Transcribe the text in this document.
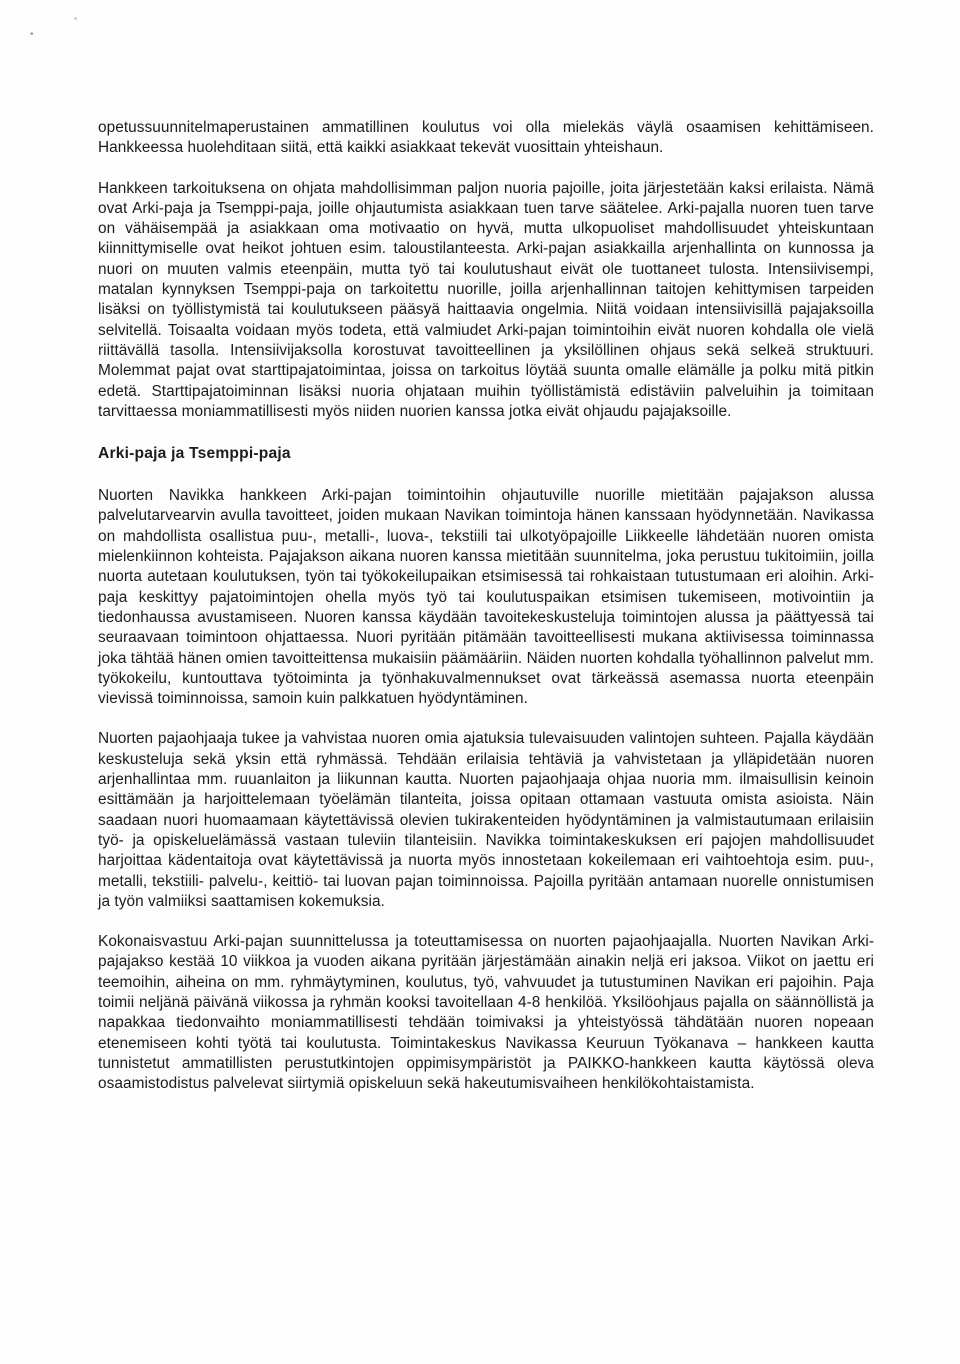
•
*

opetussuunnitelmaperustainen ammatillinen koulutus voi olla mielekäs väylä osaamisen kehittämiseen. Hankkeessa huolehditaan siitä, että kaikki asiakkaat tekevät vuosittain yhteishaun.

Hankkeen tarkoituksena on ohjata mahdollisimman paljon nuoria pajoille, joita järjestetään kaksi erilaista. Nämä ovat Arki-paja ja Tsemppi-paja, joille ohjautumista asiakkaan tuen tarve säätelee. Arki-pajalla nuoren tuen tarve on vähäisempää ja asiakkaan oma motivaatio on hyvä, mutta ulkopuoliset mahdollisuudet yhteiskuntaan kiinnittymiselle ovat heikot johtuen esim. taloustilanteesta. Arki-pajan asiakkailla arjenhallinta on kunnossa ja nuori on muuten valmis eteenpäin, mutta työ tai koulutushaut eivät ole tuottaneet tulosta. Intensiivisempi, matalan kynnyksen Tsemppi-paja on tarkoitettu nuorille, joilla arjenhallinnan taitojen kehittymisen tarpeiden lisäksi on työllistymistä tai koulutukseen pääsyä haittaavia ongelmia. Niitä voidaan intensiivisillä pajajaksoilla selvitellä. Toisaalta voidaan myös todeta, että valmiudet Arki-pajan toimintoihin eivät nuoren kohdalla ole vielä riittävällä tasolla. Intensiivijaksolla korostuvat tavoitteellinen ja yksilöllinen ohjaus sekä selkeä struktuuri. Molemmat pajat ovat starttipajatoimintaa, joissa on tarkoitus löytää suunta omalle elämälle ja polku mitä pitkin edetä. Starttipajatoiminnan lisäksi nuoria ohjataan muihin työllistämistä edistäviin palveluihin ja toimitaan tarvittaessa moniammatillisesti myös niiden nuorien kanssa jotka eivät ohjaudu pajajaksoille.

Arki-paja ja Tsemppi-paja

Nuorten Navikka hankkeen Arki-pajan toimintoihin ohjautuville nuorille mietitään pajajakson alussa palvelutarvearvin avulla tavoitteet, joiden mukaan Navikan toimintoja hänen kanssaan hyödynnetään. Navikassa on mahdollista osallistua puu-, metalli-, luova-, tekstiili tai ulkotyöpajoille Liikkeelle lähdetään nuoren omista mielenkiinnon kohteista. Pajajakson aikana nuoren kanssa mietitään suunnitelma, joka perustuu tukitoimiin, joilla nuorta autetaan koulutuksen, työn tai työkokeilupaikan etsimisessä tai rohkaistaan tutustumaan eri aloihin. Arki-paja keskittyy pajatoimintojen ohella myös työ tai koulutuspaikan etsimisen tukemiseen, motivointiin ja tiedonhaussa avustamiseen. Nuoren kanssa käydään tavoitekeskusteluja toimintojen alussa ja päättyessä tai seuraavaan toimintoon ohjattaessa. Nuori pyritään pitämään tavoitteellisesti mukana aktiivisessa toiminnassa joka tähtää hänen omien tavoitteittensa mukaisiin päämääriin. Näiden nuorten kohdalla työhallinnon palvelut mm. työkokeilu, kuntouttava työtoiminta ja työnhakuvalmennukset ovat tärkeässä asemassa nuorta eteenpäin vievissä toiminnoissa, samoin kuin palkkatuen hyödyntäminen.

Nuorten pajaohjaaja tukee ja vahvistaa nuoren omia ajatuksia tulevaisuuden valintojen suhteen. Pajalla käydään keskusteluja sekä yksin että ryhmässä. Tehdään erilaisia tehtäviä ja vahvistetaan ja ylläpidetään nuoren arjenhallintaa mm. ruuanlaiton ja liikunnan kautta. Nuorten pajaohjaaja ohjaa nuoria mm. ilmaisullisin keinoin esittämään ja harjoittelemaan työelämän tilanteita, joissa opitaan ottamaan vastuuta omista asioista. Näin saadaan nuori huomaamaan käytettävissä olevien tukirakenteiden hyödyntäminen ja valmistautumaan erilaisiin työ- ja opiskeluelämässä vastaan tuleviin tilanteisiin. Navikka toimintakeskuksen eri pajojen mahdollisuudet harjoittaa kädentaitoja ovat käytettävissä ja nuorta myös innostetaan kokeilemaan eri vaihtoehtoja esim. puu-, metalli, tekstiili- palvelu-, keittiö- tai luovan pajan toiminnoissa. Pajoilla pyritään antamaan nuorelle onnistumisen ja työn valmiiksi saattamisen kokemuksia.

Kokonaisvastuu Arki-pajan suunnittelussa ja toteuttamisessa on nuorten pajaohjaajalla. Nuorten Navikan Arki-pajajakso kestää 10 viikkoa ja vuoden aikana pyritään järjestämään ainakin neljä eri jaksoa. Viikot on jaettu eri teemoihin, aiheina on mm. ryhmäytyminen, koulutus, työ, vahvuudet ja tutustuminen Navikan eri pajoihin. Paja toimii neljänä päivänä viikossa ja ryhmän kooksi tavoitellaan 4-8 henkilöä. Yksilöohjaus pajalla on säännöllistä ja napakkaa tiedonvaihto moniammatillisesti tehdään toimivaksi ja yhteistyössä tähdätään nuoren nopeaan etenemiseen kohti työtä tai koulutusta. Toimintakeskus Navikassa Keuruun Työkanava – hankkeen kautta tunnistetut ammatillisten perustutkintojen oppimisympäristöt ja PAIKKO-hankkeen kautta käytössä oleva osaamistodistus palvelevat siirtymiä opiskeluun sekä hakeutumisvaiheen henkilökohtaistamista.
